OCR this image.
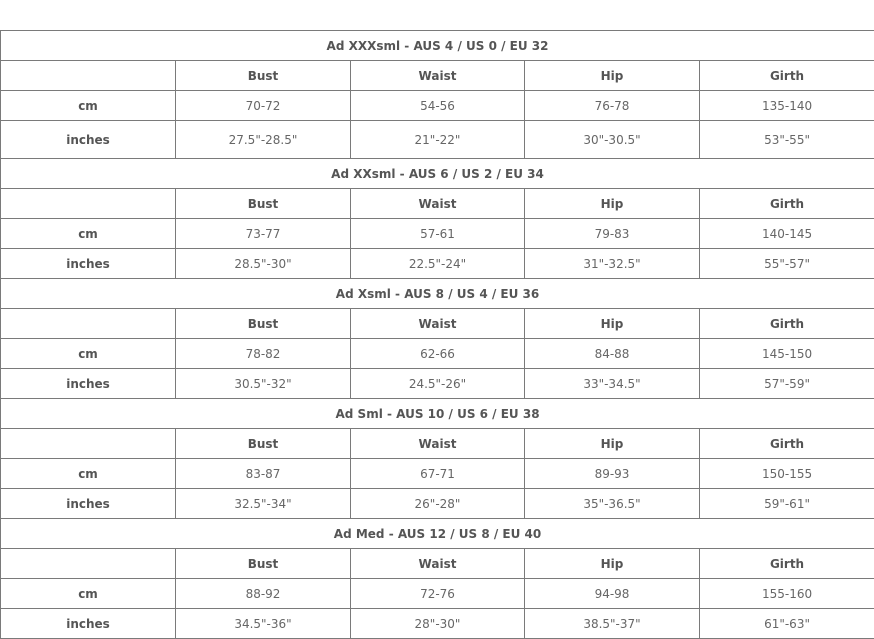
Ad XXXsml - AUS 4 / US 0 / EU 32				
	Bust	Waist	Hip	Girth
cm	70-72	54-56	76-78	135-140
inches	27.5"-28.5"	21"-22"	30"-30.5"	53"-55"
Ad XXsml - AUS 6 / US 2 / EU 34				
	Bust	Waist	Hip	Girth
cm	73-77	57-61	79-83	140-145
inches	28.5"-30"	22.5"-24"	31"-32.5"	55"-57"
Ad Xsml - AUS 8 / US 4 / EU 36				
	Bust	Waist	Hip	Girth
cm	78-82	62-66	84-88	145-150
inches	30.5"-32"	24.5"-26"	33"-34.5"	57"-59"
Ad Sml - AUS 10 / US 6 / EU 38				
	Bust	Waist	Hip	Girth
cm	83-87	67-71	89-93	150-155
inches	32.5"-34"	26"-28"	35"-36.5"	59"-61"
Ad Med - AUS 12 / US 8 / EU 40				
	Bust	Waist	Hip	Girth
cm	88-92	72-76	94-98	155-160
inches	34.5"-36"	28"-30"	38.5"-37"	61"-63"
